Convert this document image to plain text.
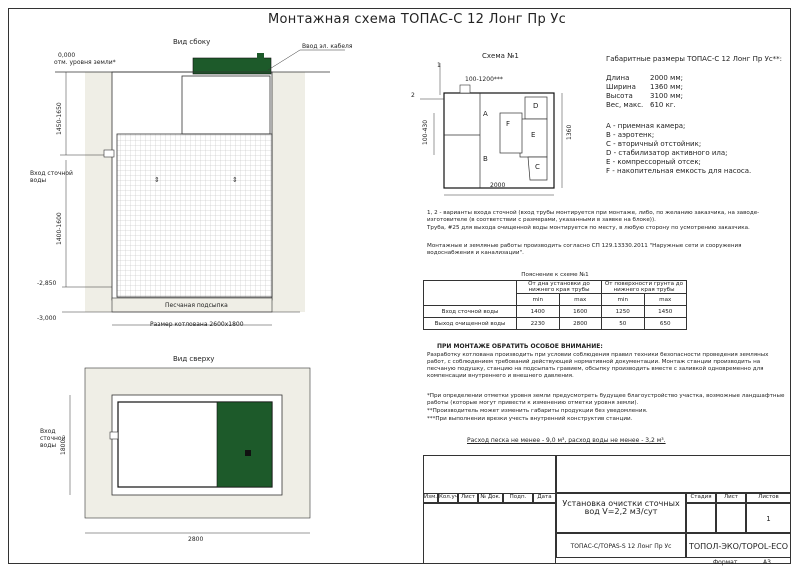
Монтажная схема ТОПАС-С 12 Лонг Пр Ус
⇕	⇕
Вид сбоку
0,000
отм. уровня земли*
Ввод эл. кабеля
Вход сточной воды
1450-1650
1400-1600
-2,850
-3,000
Песчаная подсыпка
Размер котлована 2600х1800
Вид сверху
Вход сточной воды 1800
2800
Схема №1
100-1200***
100-430	1360
2000
1
2
A
B
C
D
E
F
Габаритные размеры ТОПАС-С 12 Лонг Пр Ус**:
Длина	2000 мм;
Ширина 1360 мм;
Высота 3100 мм;
Вес, макс. 610 кг.
А - приемная камера;
В - аэротенк;
С - вторичный отстойник;
D - стабилизатор активного ила;
Е - компрессорный отсек;
F - накопительная емкость для насоса.
1, 2 - варианты входа сточной (вход трубы монтируется при монтаже, либо, по желанию заказчика, на заводе-изготовителе (в соответствии с размерами, указанными в заявке на блоке)).
Труба, #25 для выхода очищенной воды монтируется по месту, в любую сторону по усмотрению заказчика.
Монтажные и земляные работы производить согласно СП 129.13330.2011 "Наружные сети и сооружения водоснабжения и канализации".
Пояснение к схеме №1				
	От дна установки до нижнего края трубы		От поверхности грунта до нижнего края трубы	
	min	max	min	max
Вход сточной воды	1400	1600	1250	1450
Выход очищенной воды	2230	2800	50	650
ПРИ МОНТАЖЕ ОБРАТИТЬ ОСОБОЕ ВНИМАНИЕ:
Разработку котлована производить при условии соблюдения правил техники безопасности проведения земляных работ, с соблюдением требований действующей нормативной документации. Монтаж станции производить на песчаную подушку, станцию на подсыпать гравием, обсыпку производить вместе с заливкой одновременно для компенсации внутреннего и внешнего давления.
*При определении отметки уровня земли предусмотреть будущее благоустройство участка, возможные ландшафтные работы (которые могут привести к изменению отметки уровня земли).
**Производитель может изменить габариты продукции без уведомления.
***При выполнении врезки учесть внутренний конструктив станции.
Расход песка не менее - 9,0 м³, расход воды не менее - 3,2 м³.
Изм. Кол.уч Лист № Док.	Подп.	Дата
Установка очистки сточных вод V=2,2 м3/сут
Стадия	Лист	Листов
1
ТОПАС-С/TOPAS-S 12 Лонг Пр Ус	ТОПОЛ-ЭКО/TOPOL-ECO
Формат	А3
